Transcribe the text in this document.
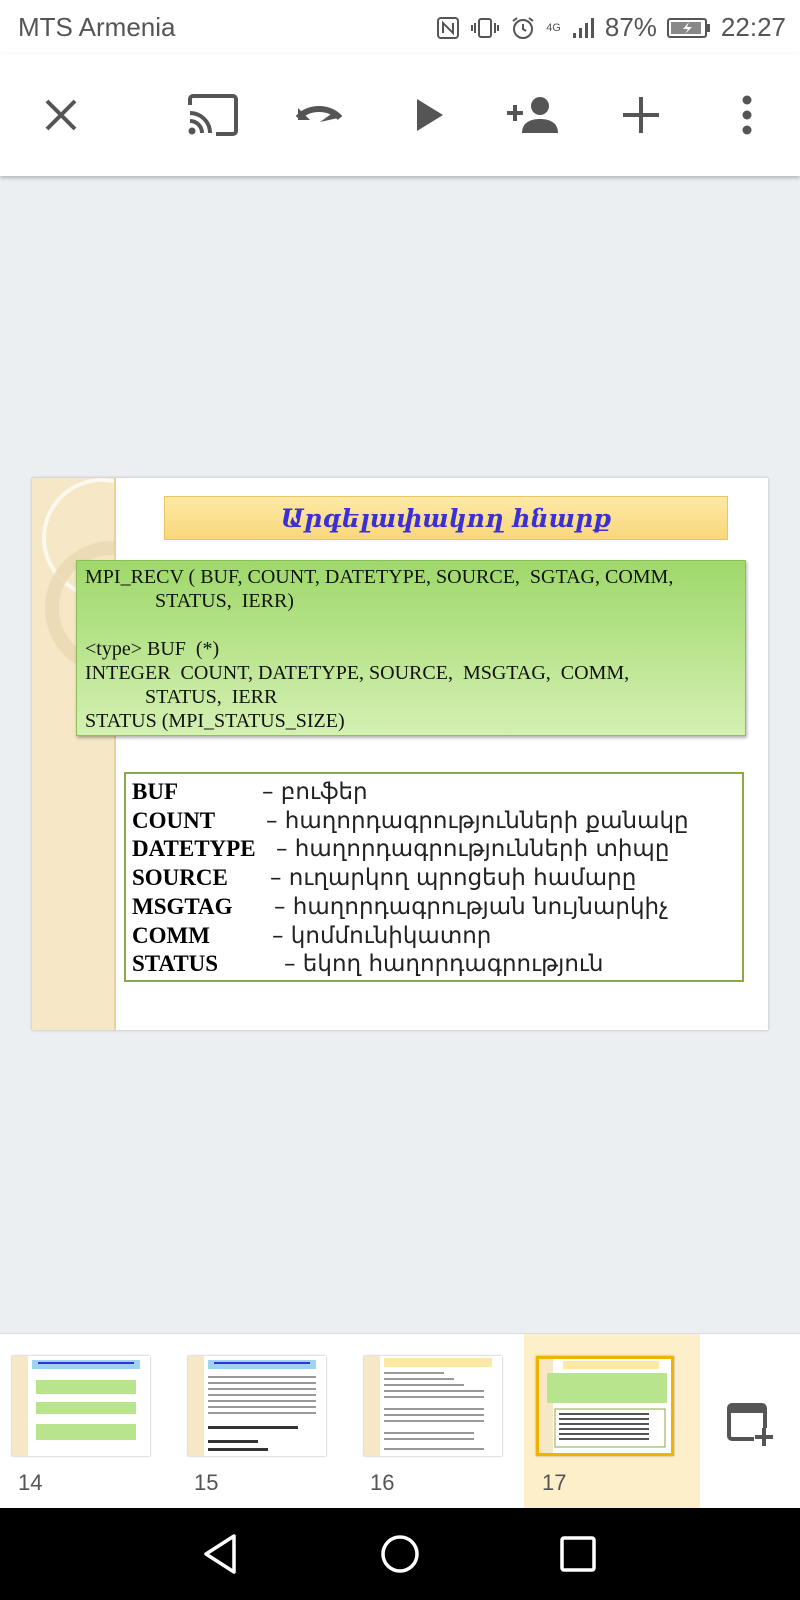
MTS Armenia	4G 87% 22:27
Արգելափակող հնարք
MPI_RECV ( BUF, COUNT, DATETYPE, SOURCE,  SGTAG, COMM,
STATUS,  IERR)

<type> BUF  (*)
INTEGER  COUNT, DATETYPE, SOURCE,  MSGTAG,  COMM,
STATUS,  IERR
STATUS (MPI_STATUS_SIZE)
BUF	– բուֆեր
COUNT	– հաղորդագրությունների քանակը
DATETYPE – հաղորդագրությունների տիպը
SOURCE	– ուղարկող պրոցեսի համարը
MSGTAG	– հաղորդագրության նույնարկիչ
COMM	– կոմմունիկատոր
STATUS	– եկող հաղորդագրություն
14	15	16	17
